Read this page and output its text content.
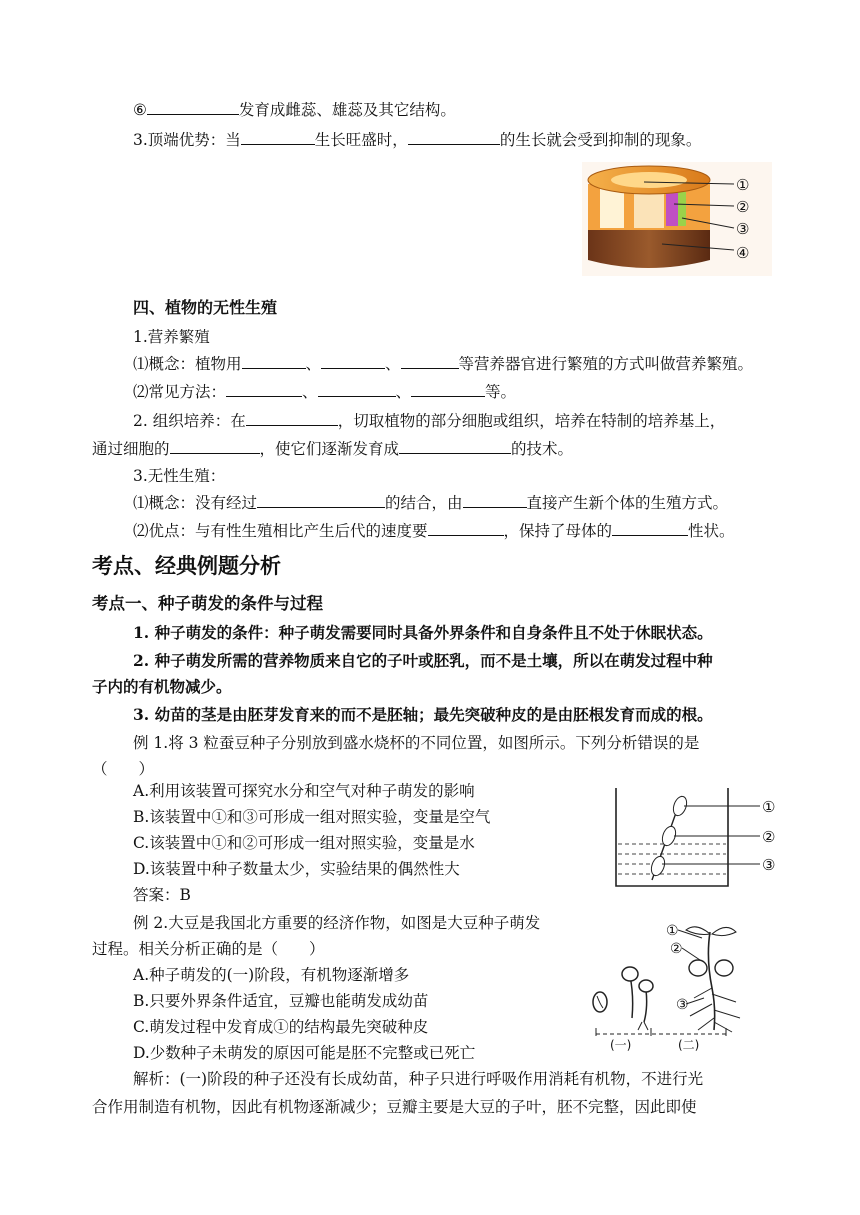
⑥	发育成雌蕊、雄蕊及其它结构。
3.顶端优势：当	生长旺盛时，	的生长就会受到抑制的现象。
①
②
③
④
四、植物的无性生殖
1.营养繁殖
⑴概念：植物用	、	、	等营养器官进行繁殖的方式叫做营养繁殖。
⑵常见方法：	、	、	等。
2. 组织培养：在	，切取植物的部分细胞或组织，培养在特制的培养基上，
通过细胞的	，使它们逐渐发育成	的技术。
3.无性生殖：
⑴概念：没有经过	的结合，由	直接产生新个体的生殖方式。
⑵优点：与有性生殖相比产生后代的速度要	，保持了母体的	性状。
考点、经典例题分析
考点一、种子萌发的条件与过程
1. 种子萌发的条件：种子萌发需要同时具备外界条件和自身条件且不处于休眠状态。
2. 种子萌发所需的营养物质来自它的子叶或胚乳，而不是土壤，所以在萌发过程中种
子内的有机物减少。
3. 幼苗的茎是由胚芽发育来的而不是胚轴；最先突破种皮的是由胚根发育而成的根。
例 1.将 3 粒蚕豆种子分别放到盛水烧杯的不同位置，如图所示。下列分析错误的是
（　　）
A.利用该装置可探究水分和空气对种子萌发的影响
B.该装置中①和③可形成一组对照实验，变量是空气
C.该装置中①和②可形成一组对照实验，变量是水
D.该装置中种子数量太少，实验结果的偶然性大
答案：B
①
②
③
例 2.大豆是我国北方重要的经济作物，如图是大豆种子萌发
过程。相关分析正确的是（　　）
A.种子萌发的(一)阶段，有机物逐渐增多
B.只要外界条件适宜，豆瓣也能萌发成幼苗
C.萌发过程中发育成①的结构最先突破种皮
D.少数种子未萌发的原因可能是胚不完整或已死亡
解析：(一)阶段的种子还没有长成幼苗，种子只进行呼吸作用消耗有机物，不进行光
合作用制造有机物，因此有机物逐渐减少；豆瓣主要是大豆的子叶，胚不完整，因此即使
①
②
③
(一)	(二)
